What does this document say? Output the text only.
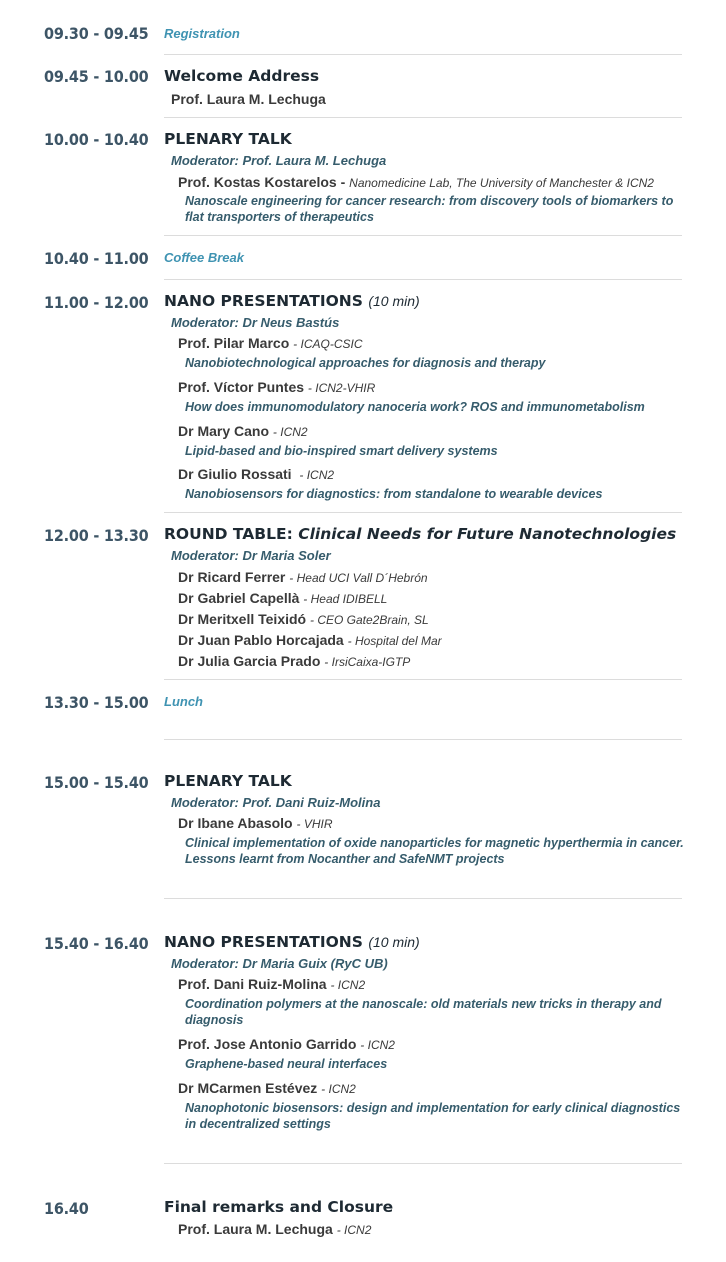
09.30 - 09.45 Registration
09.45 - 10.00 Welcome Address
Prof. Laura M. Lechuga
10.00 - 10.40 PLENARY TALK
Moderator: Prof. Laura M. Lechuga
Prof. Kostas Kostarelos - Nanomedicine Lab, The University of Manchester & ICN2
Nanoscale engineering for cancer research: from discovery tools of biomarkers to flat transporters of therapeutics
10.40 - 11.00 Coffee Break
11.00 - 12.00 NANO PRESENTATIONS (10 min)
Moderator: Dr Neus Bastús
Prof. Pilar Marco - ICAQ-CSIC
Nanobiotechnological approaches for diagnosis and therapy
Prof. Víctor Puntes - ICN2-VHIR
How does immunomodulatory nanoceria work? ROS and immunometabolism
Dr Mary Cano - ICN2
Lipid-based and bio-inspired smart delivery systems
Dr Giulio Rossati - ICN2
Nanobiosensors for diagnostics: from standalone to wearable devices
12.00 - 13.30 ROUND TABLE: Clinical Needs for Future Nanotechnologies
Moderator: Dr Maria Soler
Dr Ricard Ferrer - Head UCI Vall D´Hebrón
Dr Gabriel Capellà - Head IDIBELL
Dr Meritxell Teixidó - CEO Gate2Brain, SL
Dr Juan Pablo Horcajada - Hospital del Mar
Dr Julia Garcia Prado - IrsiCaixa-IGTP
13.30 - 15.00 Lunch
15.00 - 15.40 PLENARY TALK
Moderator: Prof. Dani Ruiz-Molina
Dr Ibane Abasolo - VHIR
Clinical implementation of oxide nanoparticles for magnetic hyperthermia in cancer. Lessons learnt from Nocanther and SafeNMT projects
15.40 - 16.40 NANO PRESENTATIONS (10 min)
Moderator: Dr Maria Guix (RyC UB)
Prof. Dani Ruiz-Molina - ICN2
Coordination polymers at the nanoscale: old materials new tricks in therapy and diagnosis
Prof. Jose Antonio Garrido - ICN2
Graphene-based neural interfaces
Dr MCarmen Estévez - ICN2
Nanophotonic biosensors: design and implementation for early clinical diagnostics in decentralized settings
16.40	Final remarks and Closure
Prof. Laura M. Lechuga - ICN2
